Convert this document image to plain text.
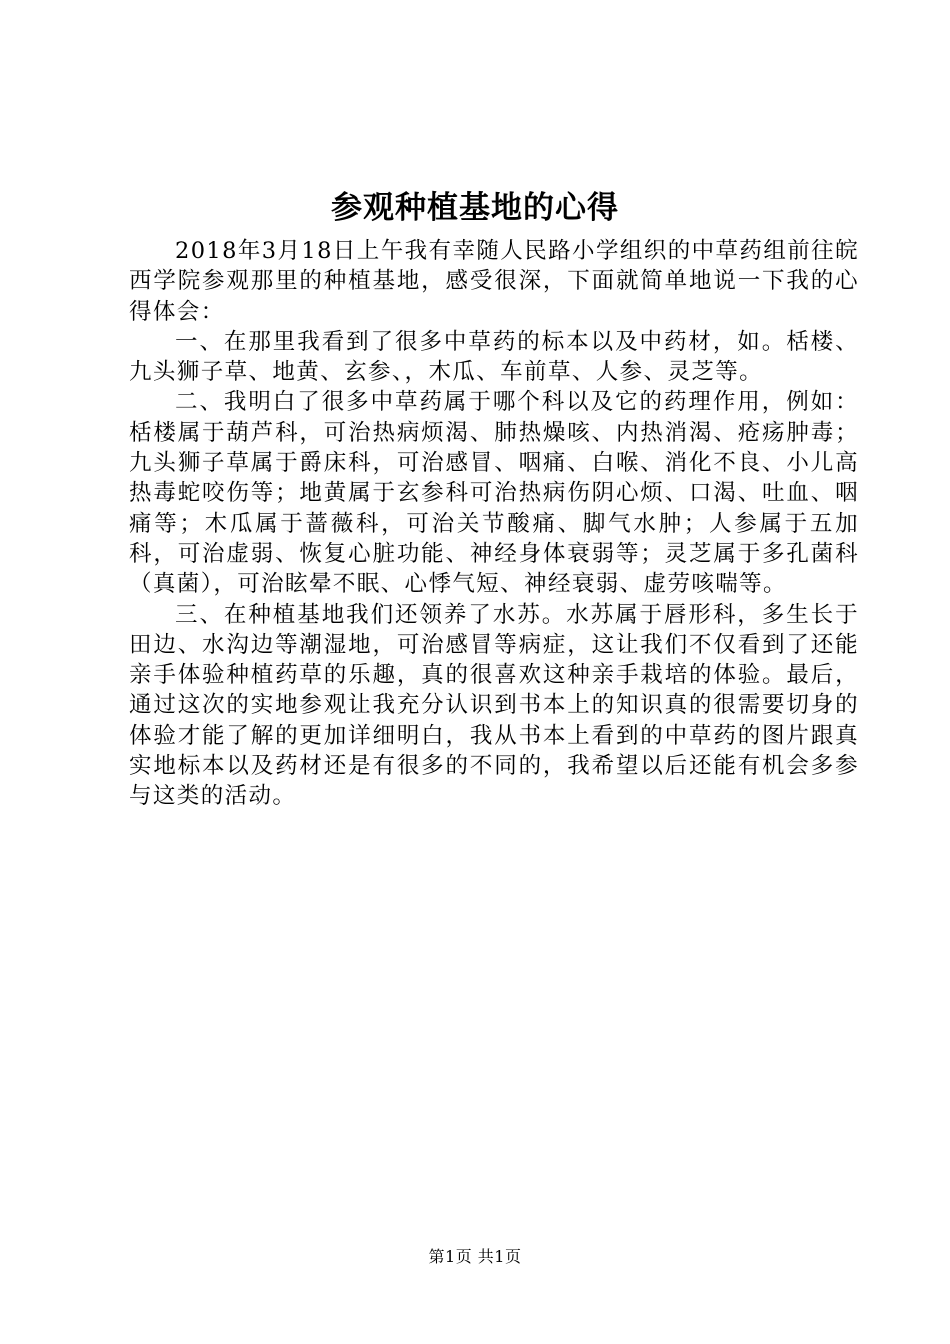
参观种植基地的心得

2018年3月18日上午我有幸随人民路小学组织的中草药组前往皖西学院参观那里的种植基地，感受很深，下面就简单地说一下我的心得体会：

一、在那里我看到了很多中草药的标本以及中药材，如。栝楼、九头狮子草、地黄、玄参、，木瓜、车前草、人参、灵芝等。

二、我明白了很多中草药属于哪个科以及它的药理作用，例如：栝楼属于葫芦科，可治热病烦渴、肺热燥咳、内热消渴、疮疡肿毒；九头狮子草属于爵床科，可治感冒、咽痛、白喉、消化不良、小儿高热毒蛇咬伤等；地黄属于玄参科可治热病伤阴心烦、口渴、吐血、咽痛等；木瓜属于蔷薇科，可治关节酸痛、脚气水肿；人参属于五加科，可治虚弱、恢复心脏功能、神经身体衰弱等；灵芝属于多孔菌科（真菌），可治眩晕不眠、心悸气短、神经衰弱、虚劳咳喘等。

三、在种植基地我们还领养了水苏。水苏属于唇形科，多生长于田边、水沟边等潮湿地，可治感冒等病症，这让我们不仅看到了还能亲手体验种植药草的乐趣，真的很喜欢这种亲手栽培的体验。最后，通过这次的实地参观让我充分认识到书本上的知识真的很需要切身的体验才能了解的更加详细明白，我从书本上看到的中草药的图片跟真实地标本以及药材还是有很多的不同的，我希望以后还能有机会多参与这类的活动。

第1页 共1页
